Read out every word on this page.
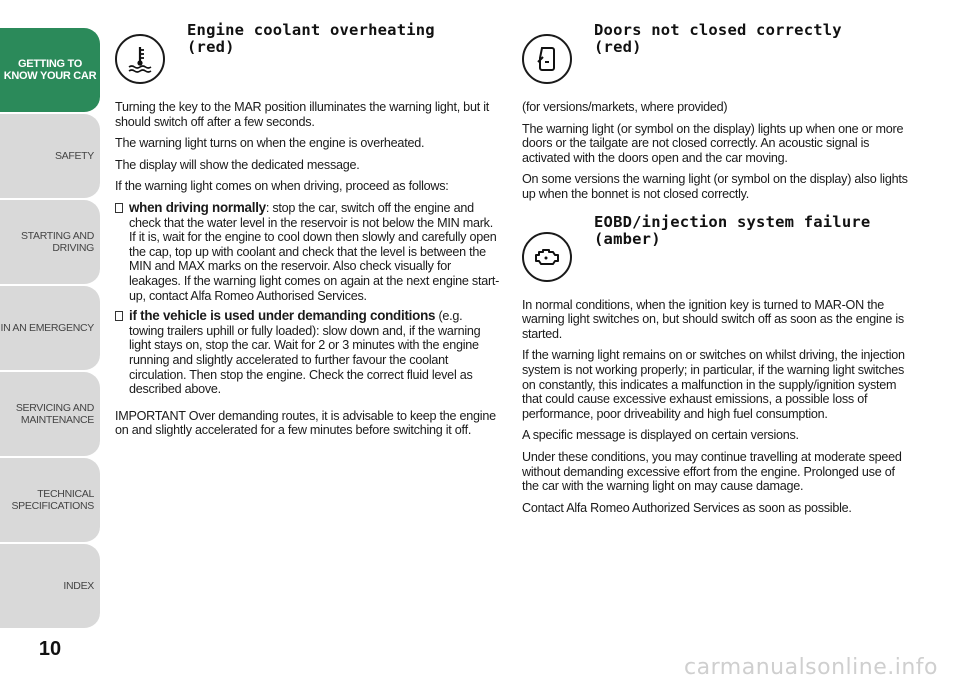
GETTING TO
KNOW YOUR CAR
SAFETY
STARTING AND
DRIVING
IN AN EMERGENCY
SERVICING AND
MAINTENANCE
TECHNICAL
SPECIFICATIONS
INDEX
10
Engine coolant overheating (red)

Turning the key to the MAR position illuminates the warning light, but it should switch off after a few seconds.

The warning light turns on when the engine is overheated.

The display will show the dedicated message.

If the warning light comes on when driving, proceed as follows:

when driving normally: stop the car, switch off the engine and check that the water level in the reservoir is not below the MIN mark. If it is, wait for the engine to cool down then slowly and carefully open the cap, top up with coolant and check that the level is between the MIN and MAX marks on the reservoir. Also check visually for leakages. If the warning light comes on again at the next engine start-up, contact Alfa Romeo Authorised Services.

if the vehicle is used under demanding conditions (e.g. towing trailers uphill or fully loaded): slow down and, if the warning light stays on, stop the car. Wait for 2 or 3 minutes with the engine running and slightly accelerated to further favour the coolant circulation. Then stop the engine. Check the correct fluid level as described above.

IMPORTANT Over demanding routes, it is advisable to keep the engine on and slightly accelerated for a few minutes before switching it off.

Doors not closed correctly (red)

(for versions/markets, where provided)

The warning light (or symbol on the display) lights up when one or more doors or the tailgate are not closed correctly. An acoustic signal is activated with the doors open and the car moving.

On some versions the warning light (or symbol on the display) also lights up when the bonnet is not closed correctly.

EOBD/injection system failure (amber)

In normal conditions, when the ignition key is turned to MAR-ON the warning light switches on, but should switch off as soon as the engine is started.

If the warning light remains on or switches on whilst driving, the injection system is not working properly; in particular, if the warning light switches on constantly, this indicates a malfunction in the supply/ignition system that could cause excessive exhaust emissions, a possible loss of performance, poor driveability and high fuel consumption.

A specific message is displayed on certain versions.

Under these conditions, you may continue travelling at moderate speed without demanding excessive effort from the engine. Prolonged use of the car with the warning light on may cause damage.

Contact Alfa Romeo Authorized Services as soon as possible.

carmanualsonline.info
